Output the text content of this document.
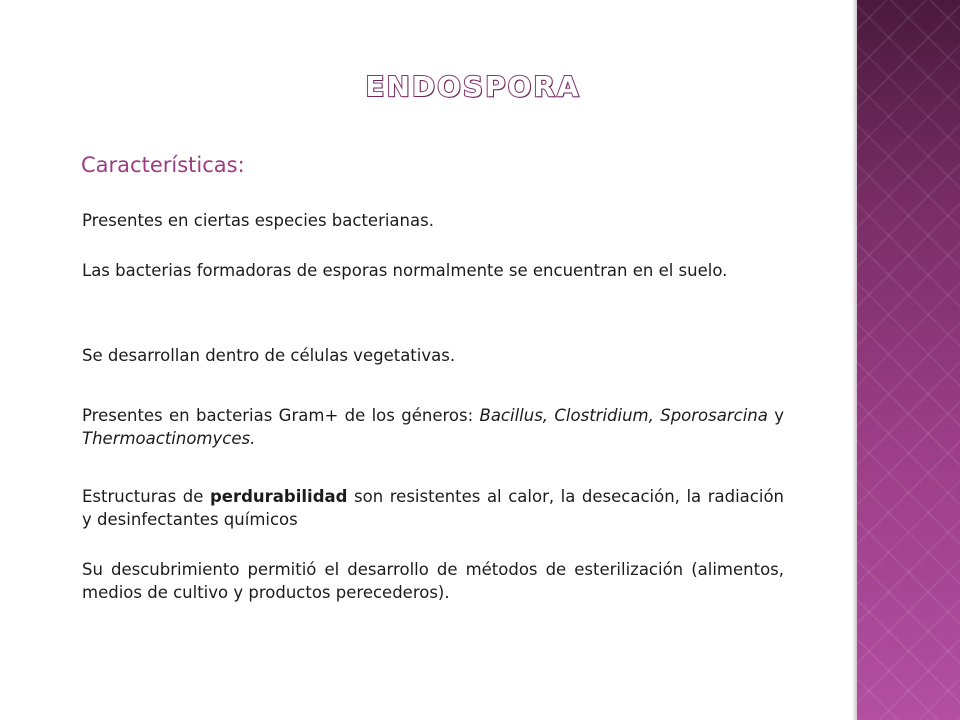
ENDOSPORA
Características:
Presentes en ciertas especies bacterianas.
Las bacterias formadoras de esporas normalmente se encuentran en el suelo.
Se desarrollan dentro de células vegetativas.
Presentes en bacterias Gram+ de los géneros: Bacillus, Clostridium, Sporosarcina y Thermoactinomyces.
Estructuras de perdurabilidad son resistentes al calor, la desecación, la radiación y desinfectantes químicos
Su descubrimiento permitió el desarrollo de métodos de esterilización (alimentos, medios de cultivo y productos perecederos).
